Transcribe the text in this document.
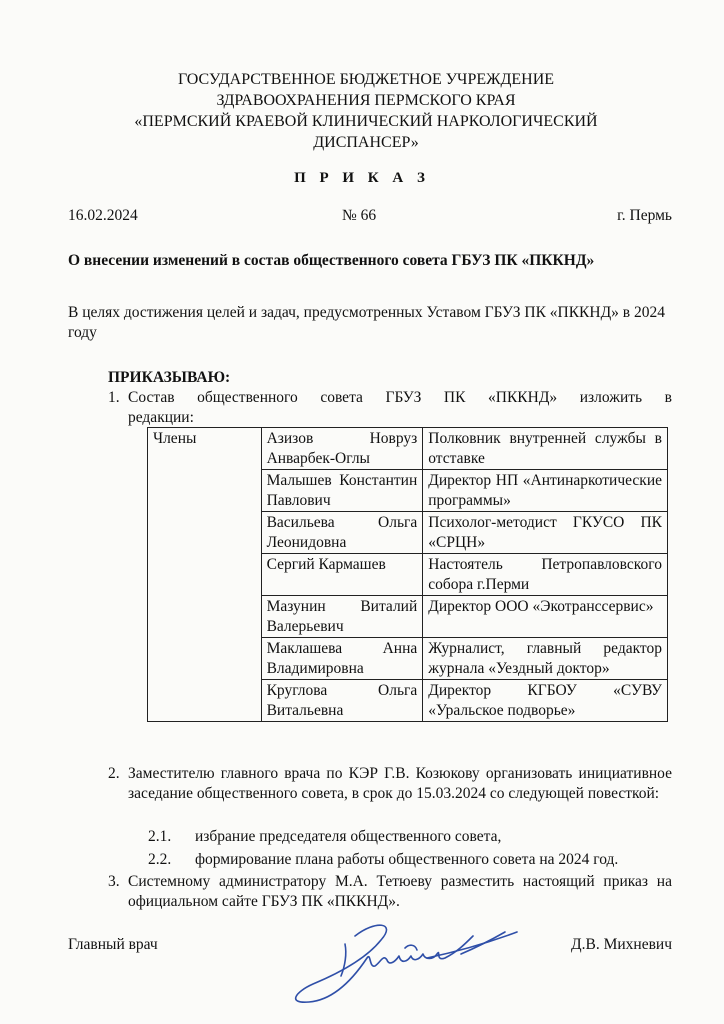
ГОСУДАРСТВЕННОЕ БЮДЖЕТНОЕ УЧРЕЖДЕНИЕ
ЗДРАВООХРАНЕНИЯ ПЕРМСКОГО КРАЯ
«ПЕРМСКИЙ КРАЕВОЙ КЛИНИЧЕСКИЙ НАРКОЛОГИЧЕСКИЙ
ДИСПАНСЕР»
П Р И К А З
16.02.2024	№ 66	г. Пермь
О внесении изменений в состав общественного совета ГБУЗ ПК «ПККНД»
В целях достижения целей и задач, предусмотренных Уставом ГБУЗ ПК «ПККНД» в 2024 году
ПРИКАЗЫВАЮ:
1. Состав общественного совета ГБУЗ ПК «ПККНД» изложить в
редакции:
Члены	Азизов Новруз Анварбек-Оглы	Полковник внутренней службы в отставке
	Малышев Константин Павлович	Директор НП «Антинаркотические программы»
	Васильева Ольга Леонидовна	Психолог-методист ГКУСО ПК «СРЦН»
	Сергий Кармашев	Настоятель Петропавловского собора г.Перми
	Мазунин Виталий Валерьевич	Директор ООО «Экотранссервис»
	Маклашева Анна Владимировна	Журналист, главный редактор журнала «Уездный доктор»
	Круглова Ольга Витальевна	Директор КГБОУ «СУВУ «Уральское подворье»
2. Заместителю главного врача по КЭР Г.В. Козюкову организовать инициативное заседание общественного совета, в срок до 15.03.2024 со следующей повесткой:
2.1. избрание председателя общественного совета,
2.2. формирование плана работы общественного совета на 2024 год.
3. Системному администратору М.А. Тетюеву разместить настоящий приказ на официальном сайте ГБУЗ ПК «ПККНД».
Главный врач	Д.В. Михневич
